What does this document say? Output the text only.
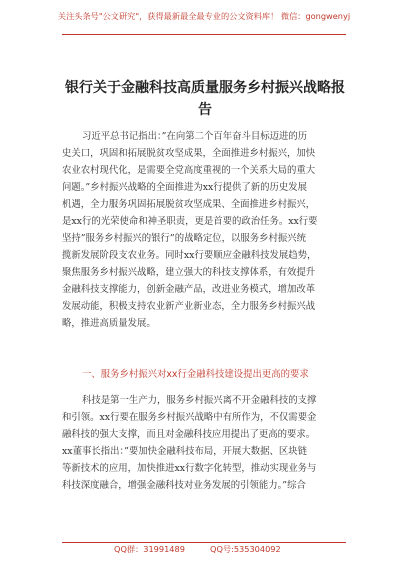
关注头条号"公文研究"，获得最新最全最专业的公文资料库！ 微信：gongwenyj
银行关于金融科技高质量服务乡村振兴战略报
告
习近平总书记指出：”在向第二个百年奋斗目标迈进的历
史关口，巩固和拓展脱贫攻坚成果，全面推进乡村振兴，加快
农业农村现代化，是需要全党高度重视的一个关系大局的重大
问题。”乡村振兴战略的全面推进为xx行提供了新的历史发展
机遇，全力服务巩固拓展脱贫攻坚成果、全面推进乡村振兴，
是xx行的光荣使命和神圣职责，更是首要的政治任务。xx行要
坚持”服务乡村振兴的银行”的战略定位，以服务乡村振兴统
揽新发展阶段支农业务。同时xx行要顺应金融科技发展趋势，
聚焦服务乡村振兴战略，建立强大的科技支撑体系，有效提升
金融科技支撑能力，创新金融产品，改进业务模式，增加改革
发展动能，积极支持农业新产业新业态，全力服务乡村振兴战
略，推进高质量发展。
一、服务乡村振兴对xx行金融科技建设提出更高的要求
科技是第一生产力，服务乡村振兴离不开金融科技的支撑
和引领。xx行要在服务乡村振兴战略中有所作为，不仅需要金
融科技的强大支撑，而且对金融科技应用提出了更高的要求。
xx董事长指出：”要加快金融科技布局，开展大数据、区块链
等新技术的应用，加快推进xx行数字化转型，推动实现业务与
科技深度融合，增强金融科技对业务发展的引领能力。”综合
QQ群：31991489	QQ号:535304092
